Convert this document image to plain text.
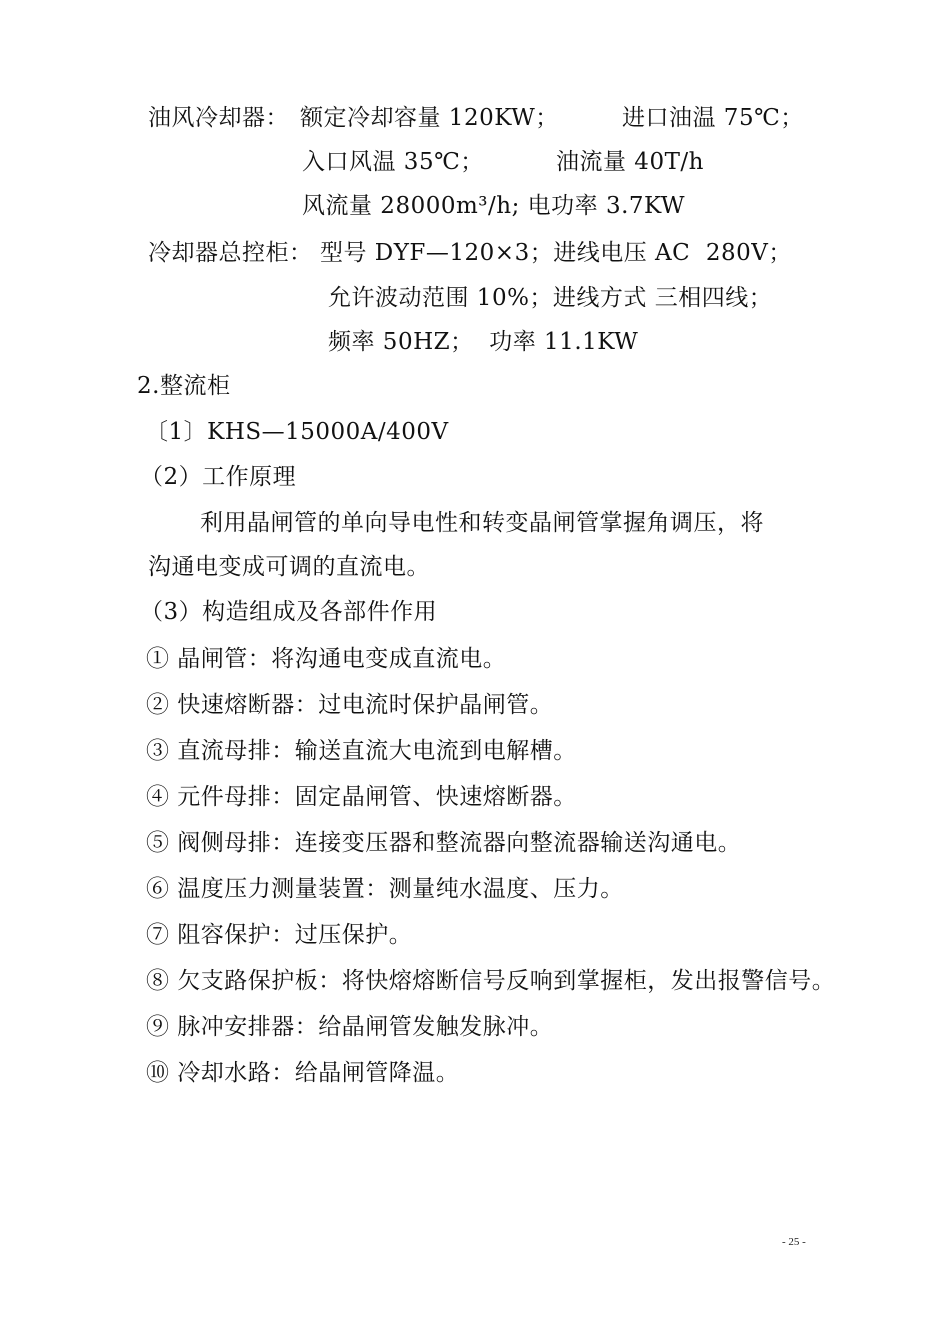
油风冷却器： 额定冷却容量 120KW；	进口油温 75℃；
入口风温 35℃；	油流量 40T/h
风流量 28000m³/h; 电功率 3.7KW
冷却器总控柜： 型号 DYF—120×3；进线电压 AC  280V；
允许波动范围 10%；进线方式 三相四线；
频率 50HZ；  功率 11.1KW
2.整流柜
〔1〕KHS—15000A/400V
（2）工作原理
利用晶闸管的单向导电性和转变晶闸管掌握角调压，将
沟通电变成可调的直流电。
（3）构造组成及各部件作用
① 晶闸管：将沟通电变成直流电。
② 快速熔断器：过电流时保护晶闸管。
③ 直流母排：输送直流大电流到电解槽。
④ 元件母排：固定晶闸管、快速熔断器。
⑤ 阀侧母排：连接变压器和整流器向整流器输送沟通电。
⑥ 温度压力测量装置：测量纯水温度、压力。
⑦ 阻容保护：过压保护。
⑧ 欠支路保护板：将快熔熔断信号反响到掌握柜，发出报警信号。
⑨ 脉冲安排器：给晶闸管发触发脉冲。
⑩ 冷却水路：给晶闸管降温。
- 25 -
